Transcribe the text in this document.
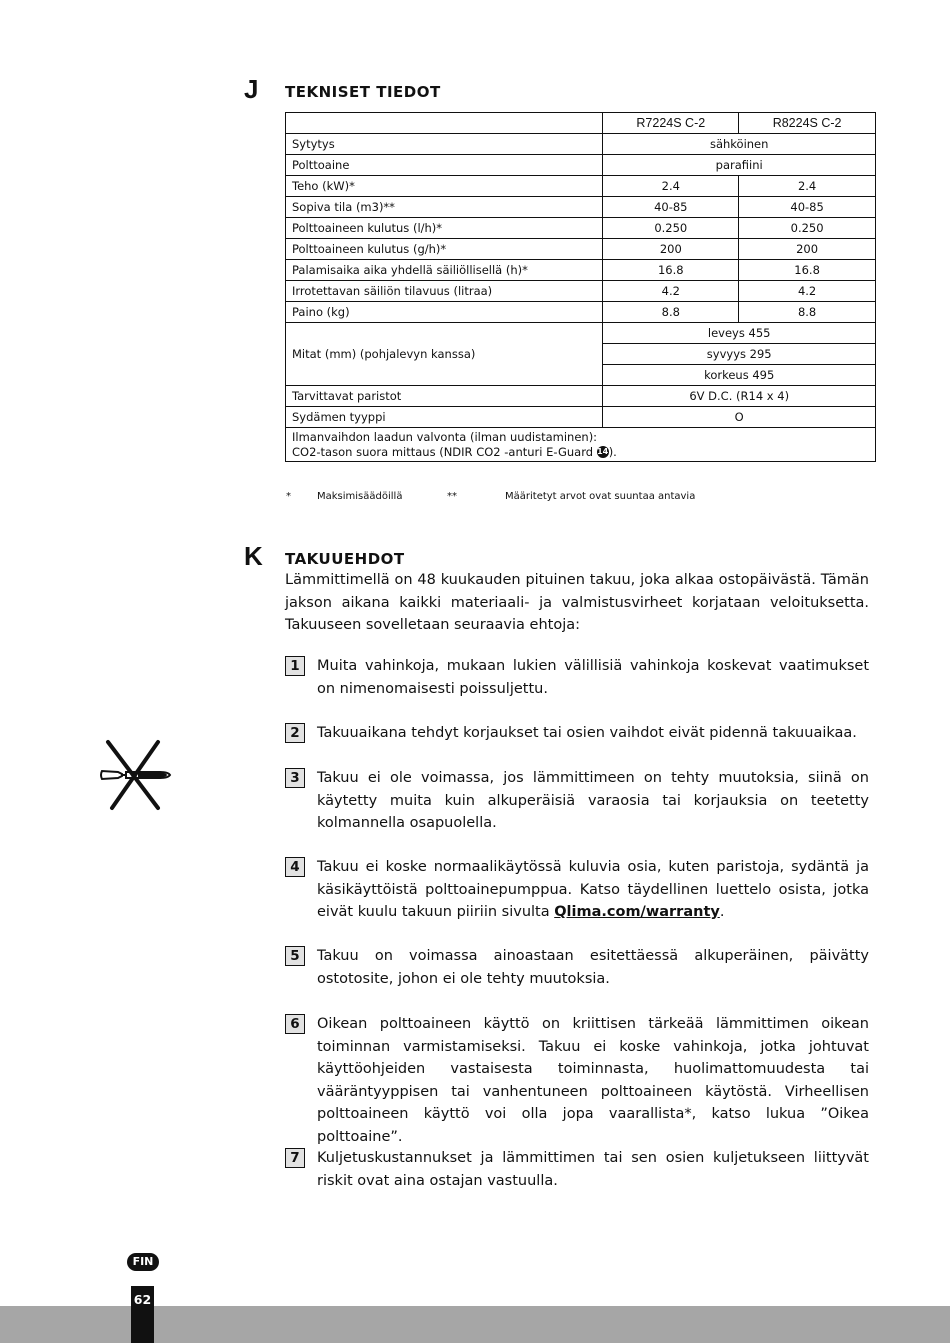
J TEKNISET TIEDOT
	R7224S C-2	R8224S C-2
Sytytys	sähköinen	
Polttoaine	parafiini	
Teho (kW)*	2.4	2.4
Sopiva tila (m3)**	40-85	40-85
Polttoaineen kulutus (l/h)*	0.250	0.250
Polttoaineen kulutus (g/h)*	200	200
Palamisaika aika yhdellä säiliöllisellä (h)*	16.8	16.8
Irrotettavan säiliön tilavuus (litraa)	4.2	4.2
Paino (kg)	8.8	8.8
Mitat (mm) (pohjalevyn kanssa)	leveys 455	
	syvyys 295	
	korkeus 495	
Tarvittavat paristot	6V D.C. (R14 x 4)	
Sydämen tyyppi	O	
Ilmanvaihdon laadun valvonta (ilman uudistaminen):
CO2-tason suora mittaus (NDIR CO2 -anturi E-Guard 14).		
*	Maksimisäädöillä	**	Määritetyt arvot ovat suuntaa antavia
K TAKUUEHDOT
Lämmittimellä on 48 kuukauden pituinen takuu, joka alkaa ostopäivästä. Tämän jakson aikana kaikki materiaali- ja valmistusvirheet korjataan veloituksetta. Takuuseen sovelletaan seuraavia ehtoja:
1	Muita vahinkoja, mukaan lukien välillisiä vahinkoja koskevat vaatimukset on nimenomaisesti poissuljettu.
2	Takuuaikana tehdyt korjaukset tai osien vaihdot eivät pidennä takuuaikaa.
3	Takuu ei ole voimassa, jos lämmittimeen on tehty muutoksia, siinä on käytetty muita kuin alkuperäisiä varaosia tai korjauksia on teetetty kolmannella osapuolella.
4	Takuu ei koske normaalikäytössä kuluvia osia, kuten paristoja, sydäntä ja käsikäyttöistä polttoainepumppua. Katso täydellinen luettelo osista, jotka eivät kuulu takuun piiriin sivulta Qlima.com/warranty.
5	Takuu on voimassa ainoastaan esitettäessä alkuperäinen, päivätty ostotosite, johon ei ole tehty muutoksia.
6	Oikean polttoaineen käyttö on kriittisen tärkeää lämmittimen oikean toiminnan varmistamiseksi. Takuu ei koske vahinkoja, jotka johtuvat käyttöohjeiden vastaisesta toiminnasta, huolimattomuudesta tai vääräntyyppisen tai vanhentuneen polttoaineen käytöstä. Virheellisen polttoaineen käyttö voi olla jopa vaarallista*, katso lukua ”Oikea polttoaine”.
7	Kuljetuskustannukset ja lämmittimen tai sen osien kuljetukseen liittyvät riskit ovat aina ostajan vastuulla.
FIN
62
